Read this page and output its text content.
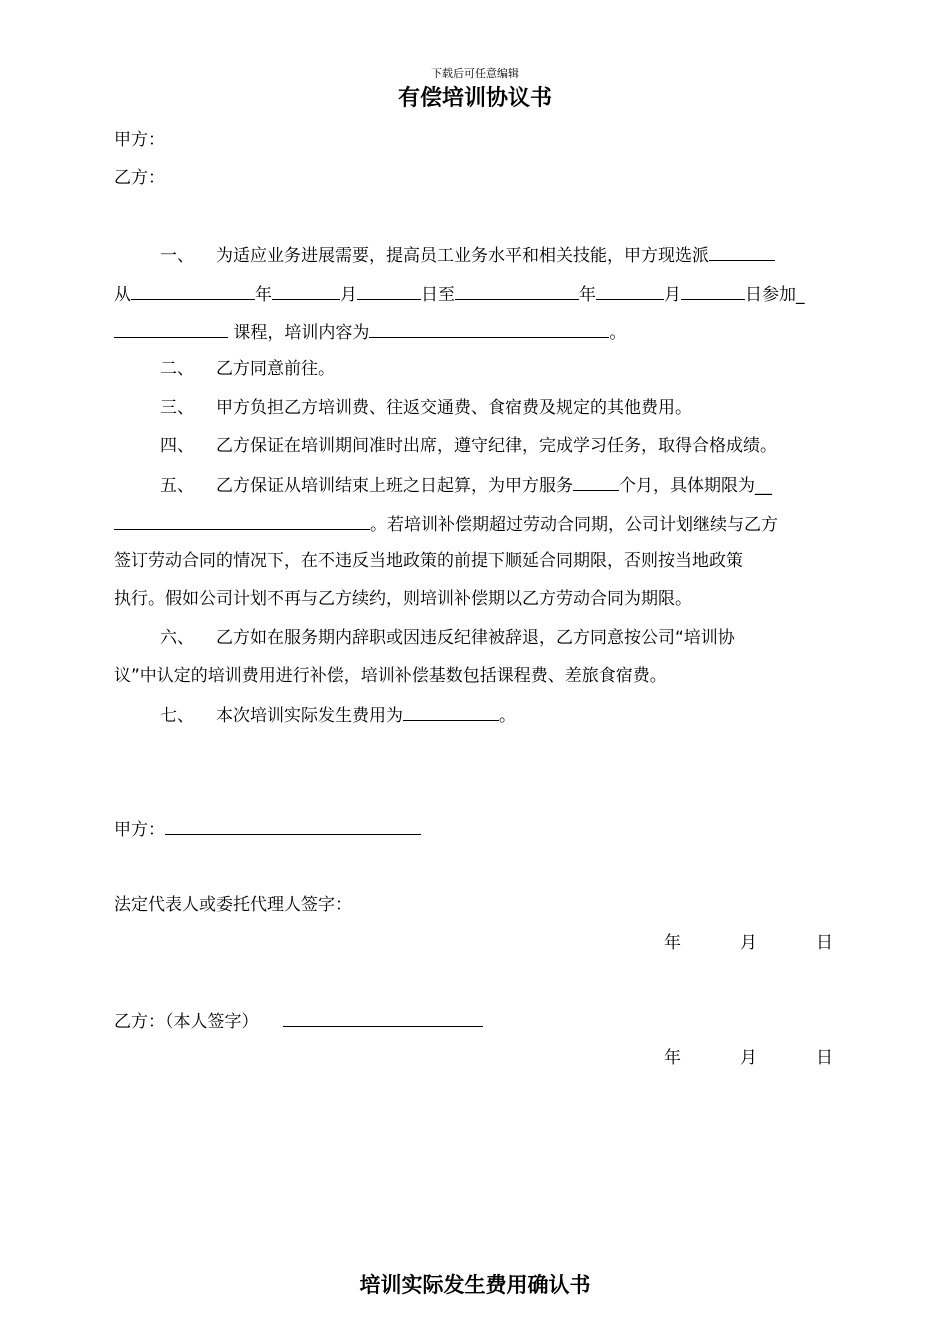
下载后可任意编辑
有偿培训协议书
甲方：
乙方：
一、 为适应业务进展需要，提高员工业务水平和相关技能，甲方现选派
从	年	月	日至	年	月	日参加_
课程，培训内容为	。
二、 乙方同意前往。
三、 甲方负担乙方培训费、往返交通费、食宿费及规定的其他费用。
四、 乙方保证在培训期间准时出席，遵守纪律，完成学习任务，取得合格成绩。
五、 乙方保证从培训结束上班之日起算，为甲方服务	个月，具体期限为__
。若培训补偿期超过劳动合同期，公司计划继续与乙方
签订劳动合同的情况下，在不违反当地政策的前提下顺延合同期限，否则按当地政策
执行。假如公司计划不再与乙方续约，则培训补偿期以乙方劳动合同为期限。
六、 乙方如在服务期内辞职或因违反纪律被辞退，乙方同意按公司“培训协
议”中认定的培训费用进行补偿，培训补偿基数包括课程费、差旅食宿费。
七、 本次培训实际发生费用为	。
甲方：
法定代表人或委托代理人签字：
年	月	日
乙方：（本人签字）
年	月	日
培训实际发生费用确认书
